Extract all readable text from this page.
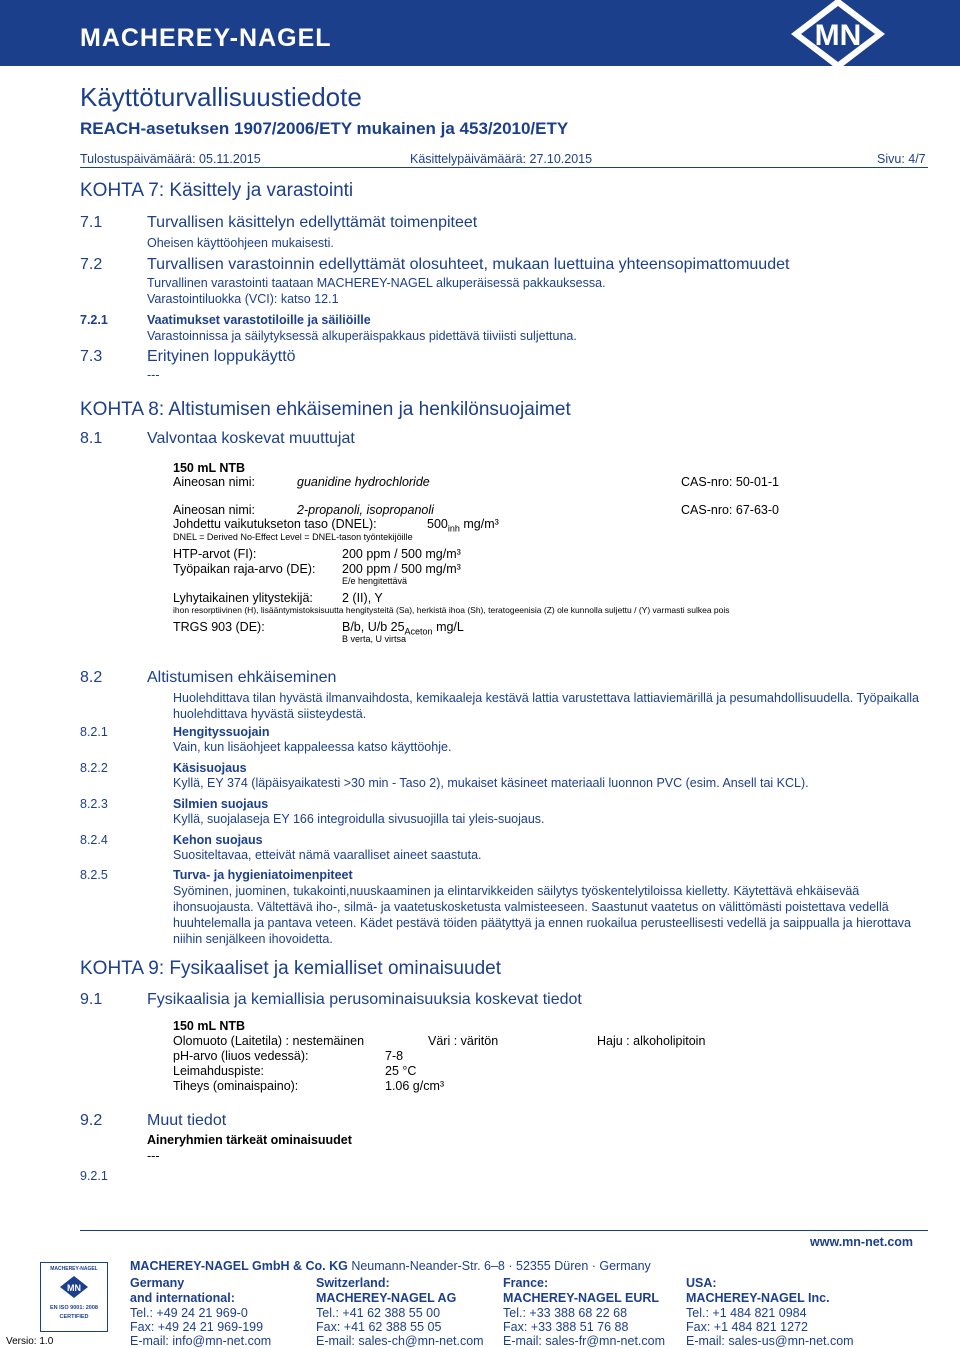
MACHEREY-NAGEL	MN
Käyttöturvallisuustiedote
REACH-asetuksen 1907/2006/ETY mukainen ja 453/2010/ETY
Tulostuspäivämäärä: 05.11.2015	Käsittelypäivämäärä: 27.10.2015	Sivu: 4/7
KOHTA 7: Käsittely ja varastointi
7.1	Turvallisen käsittelyn edellyttämät toimenpiteet
Oheisen käyttöohjeen mukaisesti.
7.2	Turvallisen varastoinnin edellyttämät olosuhteet, mukaan luettuina yhteensopimattomuudet
Turvallinen varastointi taataan MACHEREY-NAGEL alkuperäisessä pakkauksessa.
Varastointiluokka (VCI): katso 12.1
7.2.1	Vaatimukset varastotiloille ja säiliöille
Varastoinnissa ja säilytyksessä alkuperäispakkaus pidettävä tiiviisti suljettuna.
7.3	Erityinen loppukäyttö
---
KOHTA 8: Altistumisen ehkäiseminen ja henkilönsuojaimet
8.1	Valvontaa koskevat muuttujat
150 mL NTB
Aineosan nimi:	guanidine hydrochloride	CAS-nro: 50-01-1
Aineosan nimi:	2-propanoli, isopropanoli	CAS-nro: 67-63-0
Johdettu vaikutukseton taso (DNEL):	$500_{inh}$ mg/m³
DNEL = Derived No-Effect Level = DNEL-tason työntekijöille
HTP-arvot (FI):	200 ppm / 500 mg/m³
Työpaikan raja-arvo (DE): 200 ppm / 500 mg/m³
E/e hengitettävä
Lyhytaikainen ylitystekijä: 2 (II), Y
ihon resorptiivinen (H), lisääntymistoksisuutta hengitysteitä (Sa), herkistä ihoa (Sh), teratogeenisia (Z) ole kunnolla suljettu / (Y) varmasti sulkea pois
TRGS 903 (DE):	B/b, U/b $25_{Aceton}$ mg/L
B verta, U virtsa
8.2	Altistumisen ehkäiseminen
Huolehdittava tilan hyvästä ilmanvaihdosta, kemikaaleja kestävä lattia varustettava lattiaviemärillä ja pesumahdollisuudella. Työpaikalla huolehdittava hyvästä siisteydestä.
8.2.1	Hengityssuojain
Vain, kun lisäohjeet kappaleessa katso käyttöohje.
8.2.2	Käsisuojaus
Kyllä, EY 374 (läpäisyaikatesti >30 min - Taso 2), mukaiset käsineet materiaali luonnon PVC (esim. Ansell tai KCL).
8.2.3	Silmien suojaus
Kyllä, suojalaseja EY 166 integroidulla sivusuojilla tai yleis-suojaus.
8.2.4	Kehon suojaus
Suositeltavaa, etteivät nämä vaaralliset aineet saastuta.
8.2.5	Turva- ja hygieniatoimenpiteet
Syöminen, juominen, tukakointi,nuuskaaminen ja elintarvikkeiden säilytys työskentelytiloissa kielletty. Käytettävä ehkäisevää ihonsuojausta. Vältettävä iho-, silmä- ja vaatetuskosketusta valmisteeseen. Saastunut vaatetus on välittömästi poistettava vedellä huuhtelemalla ja pantava veteen. Kädet pestävä töiden päätyttyä ja ennen ruokailua perusteellisesti vedellä ja saippualla ja hierottava niihin senjälkeen ihovoidetta.
KOHTA 9: Fysikaaliset ja kemialliset ominaisuudet
9.1	Fysikaalisia ja kemiallisia perusominaisuuksia koskevat tiedot
150 mL NTB
Olomuoto (Laitetila) : nestemäinen	Väri : väritön	Haju : alkoholipitoin
pH-arvo (liuos vedessä):	7-8
Leimahduspiste:	25 °C
Tiheys (ominaispaino):	1.06 g/cm³
9.2	Muut tiedot
Aineryhmien tärkeät ominaisuudet
---
9.2.1
www.mn-net.com
MACHEREY-NAGEL GmbH & Co. KG Neumann-Neander-Str. 6–8 · 52355 Düren · Germany
MACHEREY-NAGEL
MN
EN ISO 9001: 2008
CERTIFIED
Versio: 1.0
Germany
and international:
Tel.: +49 24 21 969-0
Fax: +49 24 21 969-199
E-mail: info@mn-net.com
Switzerland:
MACHEREY-NAGEL AG
Tel.: +41 62 388 55 00
Fax: +41 62 388 55 05
E-mail: sales-ch@mn-net.com
France:
MACHEREY-NAGEL EURL
Tel.: +33 388 68 22 68
Fax: +33 388 51 76 88
E-mail: sales-fr@mn-net.com
USA:
MACHEREY-NAGEL Inc.
Tel.: +1 484 821 0984
Fax: +1 484 821 1272
E-mail: sales-us@mn-net.com
